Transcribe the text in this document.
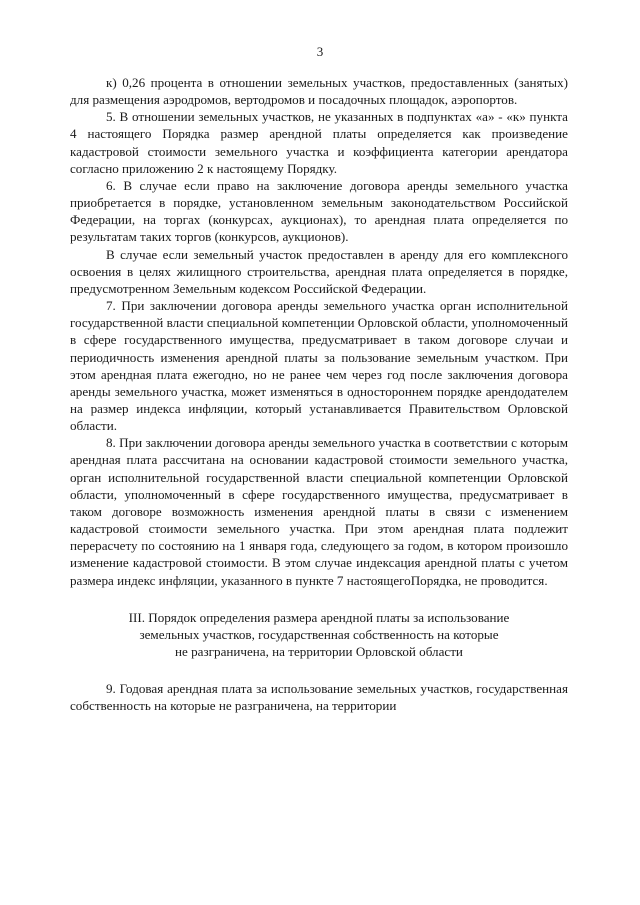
3

к) 0,26 процента в отношении земельных участков, предоставленных (занятых) для размещения аэродромов, вертодромов и посадочных площадок, аэропортов.

5. В отношении земельных участков, не указанных в подпунктах «а» - «к» пункта 4 настоящего Порядка размер арендной платы определяется как произведение кадастровой стоимости земельного участка и коэффициента категории арендатора согласно приложению 2 к настоящему Порядку.

6. В случае если право на заключение договора аренды земельного участка приобретается в порядке, установленном земельным законодательством Российской Федерации, на торгах (конкурсах, аукционах), то арендная плата определяется по результатам таких торгов (конкурсов, аукционов).

В случае если земельный участок предоставлен в аренду для его комплексного освоения в целях жилищного строительства, арендная плата определяется в порядке, предусмотренном Земельным кодексом Российской Федерации.

7. При заключении договора аренды земельного участка орган исполнительной государственной власти специальной компетенции Орловской области, уполномоченный в сфере государственного имущества, предусматривает в таком договоре случаи и периодичность изменения арендной платы за пользование земельным участком. При этом арендная плата ежегодно, но не ранее чем через год после заключения договора аренды земельного участка, может изменяться в одностороннем порядке арендодателем на размер индекса инфляции, который устанавливается Правительством Орловской области.

8. При заключении договора аренды земельного участка в соответствии с которым арендная плата рассчитана на основании кадастровой стоимости земельного участка, орган исполнительной государственной власти специальной компетенции Орловской области, уполномоченный в сфере государственного имущества, предусматривает в таком договоре возможность изменения арендной платы в связи с изменением кадастровой стоимости земельного участка. При этом арендная плата подлежит перерасчету по состоянию на 1 января года, следующего за годом, в котором произошло изменение кадастровой стоимости. В этом случае индексация арендной платы с учетом размера индекс инфляции, указанного в пункте 7 настоящегоПорядка, не проводится.

III. Порядок определения размера арендной платы за использование
земельных участков, государственная собственность на которые
не разграничена, на территории Орловской области

9. Годовая арендная плата за использование земельных участков, государственная собственность на которые не разграничена, на территории
